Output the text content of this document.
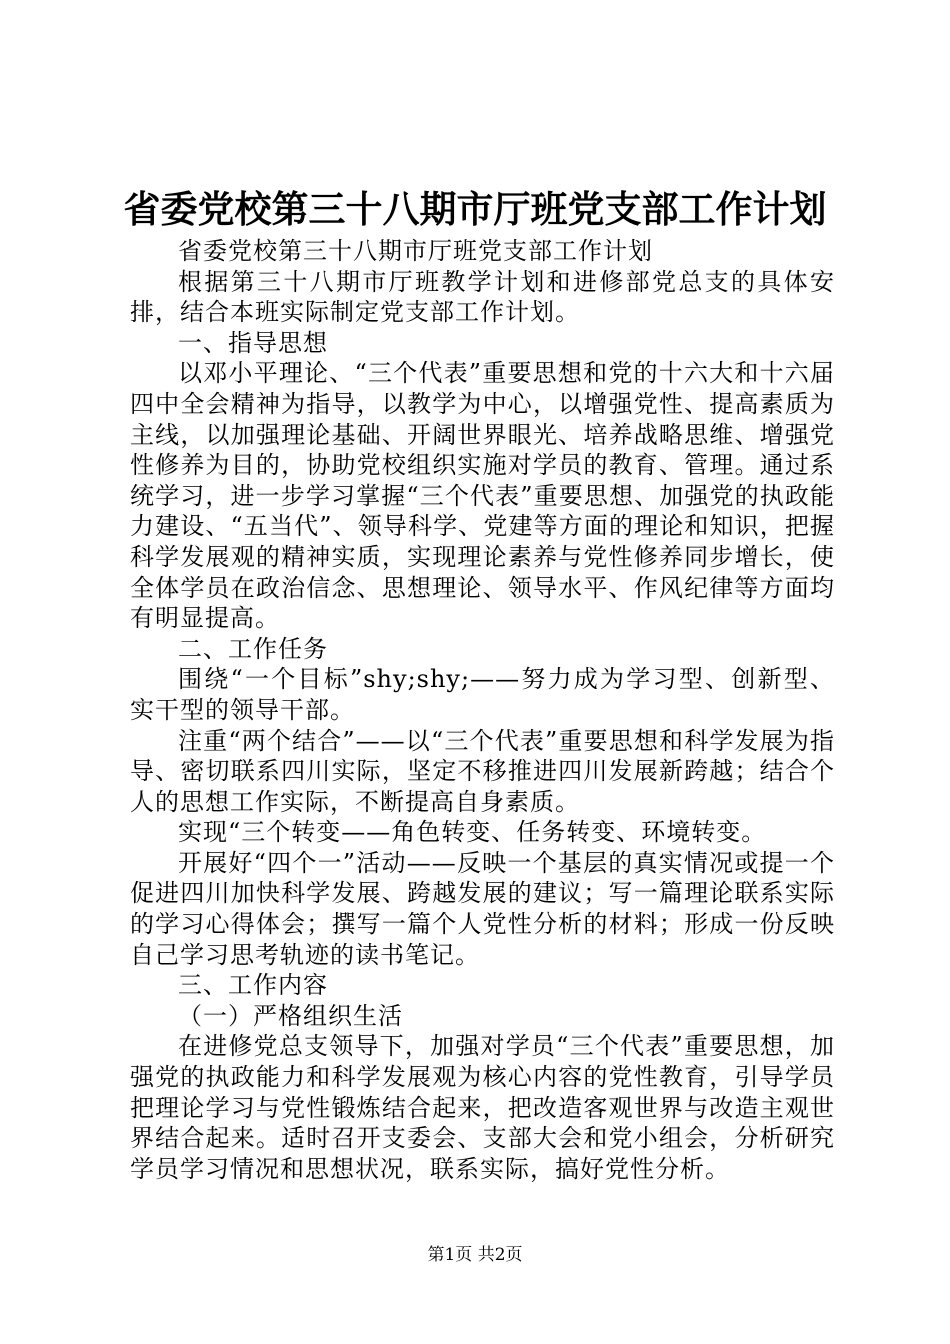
省委党校第三十八期市厅班党支部工作计划

省委党校第三十八期市厅班党支部工作计划

根据第三十八期市厅班教学计划和进修部党总支的具体安排，结合本班实际制定党支部工作计划。

一、指导思想

以邓小平理论、“三个代表”重要思想和党的十六大和十六届四中全会精神为指导，以教学为中心，以增强党性、提高素质为主线，以加强理论基础、开阔世界眼光、培养战略思维、增强党性修养为目的，协助党校组织实施对学员的教育、管理。通过系统学习，进一步学习掌握“三个代表”重要思想、加强党的执政能力建设、“五当代”、领导科学、党建等方面的理论和知识，把握科学发展观的精神实质，实现理论素养与党性修养同步增长，使全体学员在政治信念、思想理论、领导水平、作风纪律等方面均有明显提高。

二、工作任务

围绕“一个目标”shy;shy;——努力成为学习型、创新型、实干型的领导干部。

注重“两个结合”——以“三个代表”重要思想和科学发展为指导、密切联系四川实际，坚定不移推进四川发展新跨越；结合个人的思想工作实际，不断提高自身素质。

实现“三个转变——角色转变、任务转变、环境转变。

开展好“四个一”活动——反映一个基层的真实情况或提一个促进四川加快科学发展、跨越发展的建议；写一篇理论联系实际的学习心得体会；撰写一篇个人党性分析的材料；形成一份反映自己学习思考轨迹的读书笔记。

三、工作内容

（一）严格组织生活

在进修党总支领导下，加强对学员“三个代表”重要思想，加强党的执政能力和科学发展观为核心内容的党性教育，引导学员把理论学习与党性锻炼结合起来，把改造客观世界与改造主观世界结合起来。适时召开支委会、支部大会和党小组会，分析研究学员学习情况和思想状况，联系实际，搞好党性分析。

第1页 共2页
